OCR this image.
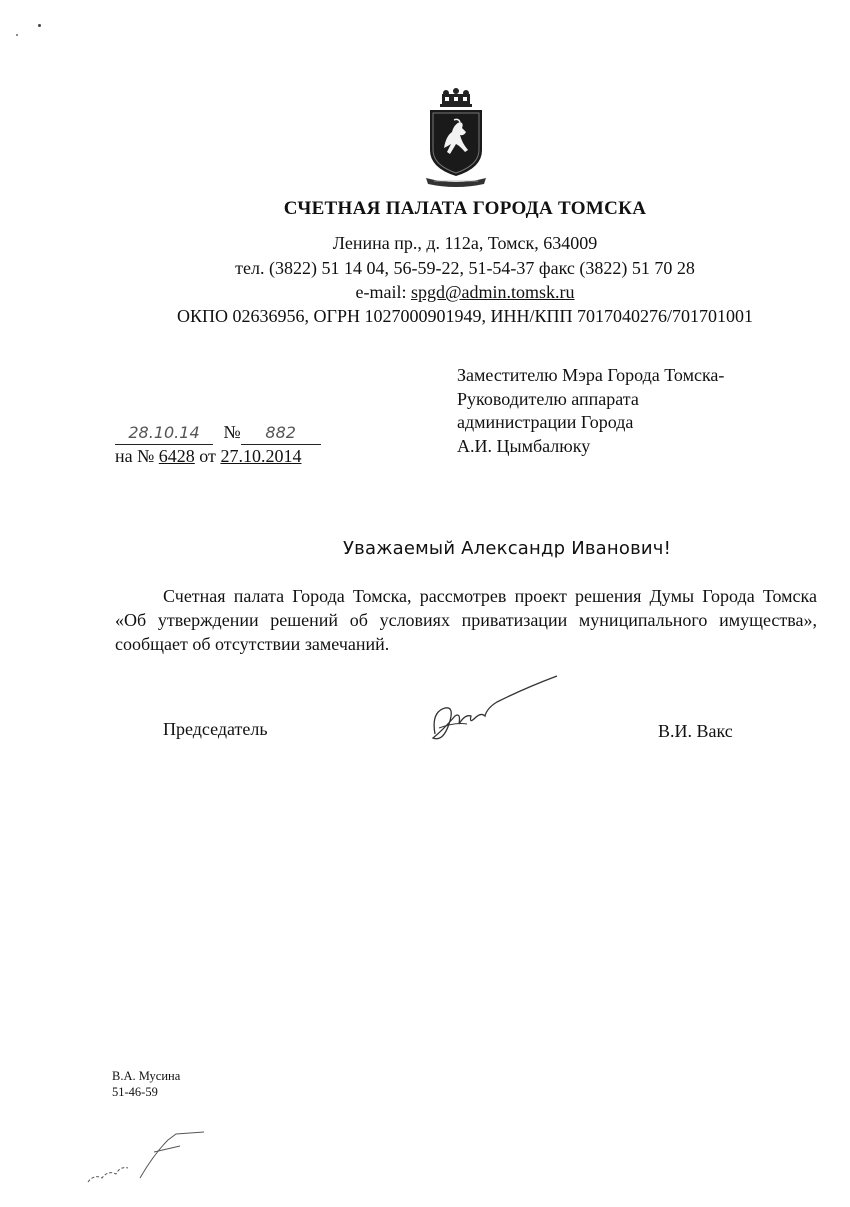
СЧЕТНАЯ ПАЛАТА ГОРОДА ТОМСКА
Ленина пр., д. 112а, Томск, 634009
тел. (3822) 51 14 04, 56-59-22, 51-54-37 факс (3822) 51 70 28
e-mail: spgd@admin.tomsk.ru
ОКПО 02636956, ОГРН 1027000901949, ИНН/КПП 7017040276/701701001
Заместителю Мэра Города Томска-
Руководителю аппарата
администрации Города
А.И. Цымбалюку
28.10.14 № 882
на № 6428 от 27.10.2014
Уважаемый Александр Иванович!
Счетная палата Города Томска, рассмотрев проект решения Думы Города Томска «Об утверждении решений об условиях приватизации муниципального имущества», сообщает об отсутствии замечаний.
Председатель	В.И. Вакс
В.А. Мусина
51-46-59
